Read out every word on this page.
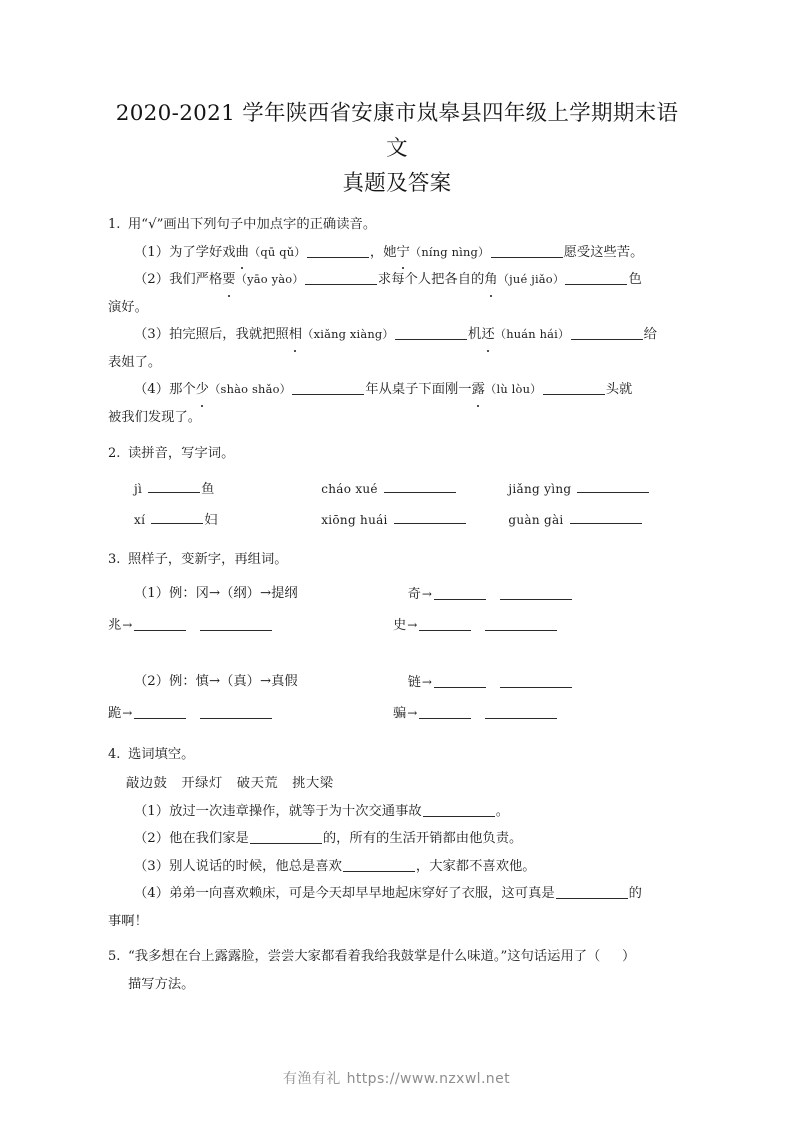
2020-2021 学年陕西省安康市岚皋县四年级上学期期末语文
真题及答案
1. 用“√”画出下列句子中加点字的正确读音。
（1）为了学好戏曲（qū qǔ）	，她宁（níng nìng）	愿受这些苦。
（2）我们严格要（yāo yào）	求每个人把各自的角（jué jiǎo）	色
演好。
（3）拍完照后，我就把照相（xiǎng xiàng）	机还（huán hái）	给
表姐了。
（4）那个少（shào shǎo）	年从桌子下面刚一露（lù lòu）	头就
被我们发现了。
2. 读拼音，写字词。
jì	鱼	cháo xué	jiǎng yìng
xí	妇	xiōng huái	guàn gài
3. 照样子，变新字，再组词。
（1）例：冈→（纲）→提纲	奇→
兆→	史→
（2）例：慎→（真）→真假	链→
跪→	骗→
4. 选词填空。
敲边鼓 开绿灯 破天荒 挑大梁
（1）放过一次违章操作，就等于为十次交通事故	。
（2）他在我们家是	的，所有的生活开销都由他负责。
（3）别人说话的时候，他总是喜欢	，大家都不喜欢他。
（4）弟弟一向喜欢赖床，可是今天却早早地起床穿好了衣服，这可真是	的
事啊！
5. “我多想在台上露露脸，尝尝大家都看着我给我鼓掌是什么味道。”这句话运用了（ ）
描写方法。
有渔有礼 https://www.nzxwl.net
